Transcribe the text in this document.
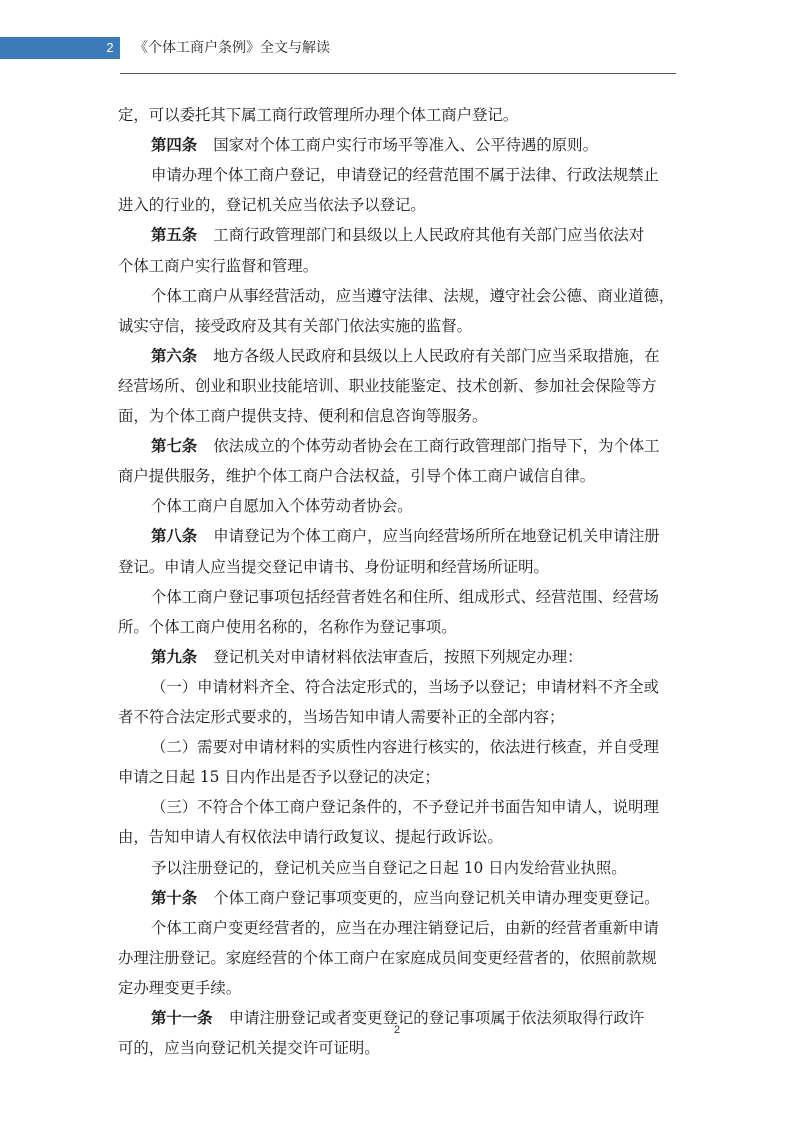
2	《个体工商户条例》全文与解读
定，可以委托其下属工商行政管理所办理个体工商户登记。
第四条 国家对个体工商户实行市场平等准入、公平待遇的原则。
申请办理个体工商户登记，申请登记的经营范围不属于法律、行政法规禁止
进入的行业的，登记机关应当依法予以登记。
第五条 工商行政管理部门和县级以上人民政府其他有关部门应当依法对
个体工商户实行监督和管理。
个体工商户从事经营活动，应当遵守法律、法规，遵守社会公德、商业道德，
诚实守信，接受政府及其有关部门依法实施的监督。
第六条 地方各级人民政府和县级以上人民政府有关部门应当采取措施，在
经营场所、创业和职业技能培训、职业技能鉴定、技术创新、参加社会保险等方
面，为个体工商户提供支持、便利和信息咨询等服务。
第七条 依法成立的个体劳动者协会在工商行政管理部门指导下，为个体工
商户提供服务，维护个体工商户合法权益，引导个体工商户诚信自律。
个体工商户自愿加入个体劳动者协会。
第八条 申请登记为个体工商户，应当向经营场所所在地登记机关申请注册
登记。申请人应当提交登记申请书、身份证明和经营场所证明。
个体工商户登记事项包括经营者姓名和住所、组成形式、经营范围、经营场
所。个体工商户使用名称的，名称作为登记事项。
第九条 登记机关对申请材料依法审查后，按照下列规定办理：
（一）申请材料齐全、符合法定形式的，当场予以登记；申请材料不齐全或
者不符合法定形式要求的，当场告知申请人需要补正的全部内容；
（二）需要对申请材料的实质性内容进行核实的，依法进行核查，并自受理
申请之日起 15 日内作出是否予以登记的决定；
（三）不符合个体工商户登记条件的，不予登记并书面告知申请人，说明理
由，告知申请人有权依法申请行政复议、提起行政诉讼。
予以注册登记的，登记机关应当自登记之日起 10 日内发给营业执照。
第十条 个体工商户登记事项变更的，应当向登记机关申请办理变更登记。
个体工商户变更经营者的，应当在办理注销登记后，由新的经营者重新申请
办理注册登记。家庭经营的个体工商户在家庭成员间变更经营者的，依照前款规
定办理变更手续。
第十一条 申请注册登记或者变更登记的登记事项属于依法须取得行政许
可的，应当向登记机关提交许可证明。
2
